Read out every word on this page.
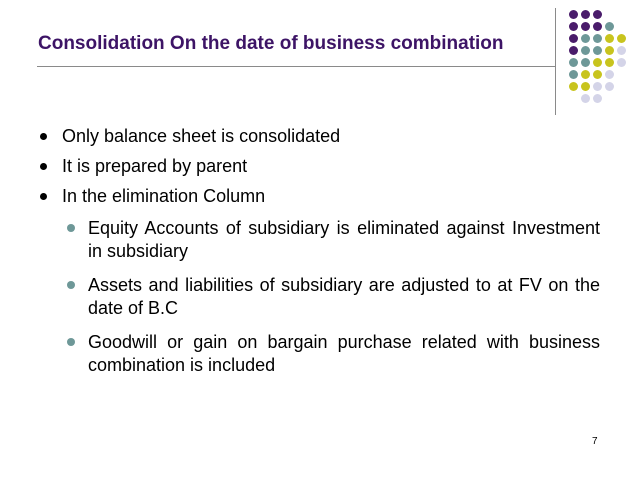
Consolidation On the date of business combination
Only balance sheet is consolidated
It is prepared by parent
In the elimination Column
Equity Accounts of subsidiary is eliminated against Investment in subsidiary
Assets and liabilities of subsidiary are adjusted to at FV on the date of B.C
Goodwill or gain on bargain purchase related with business combination is included
7
